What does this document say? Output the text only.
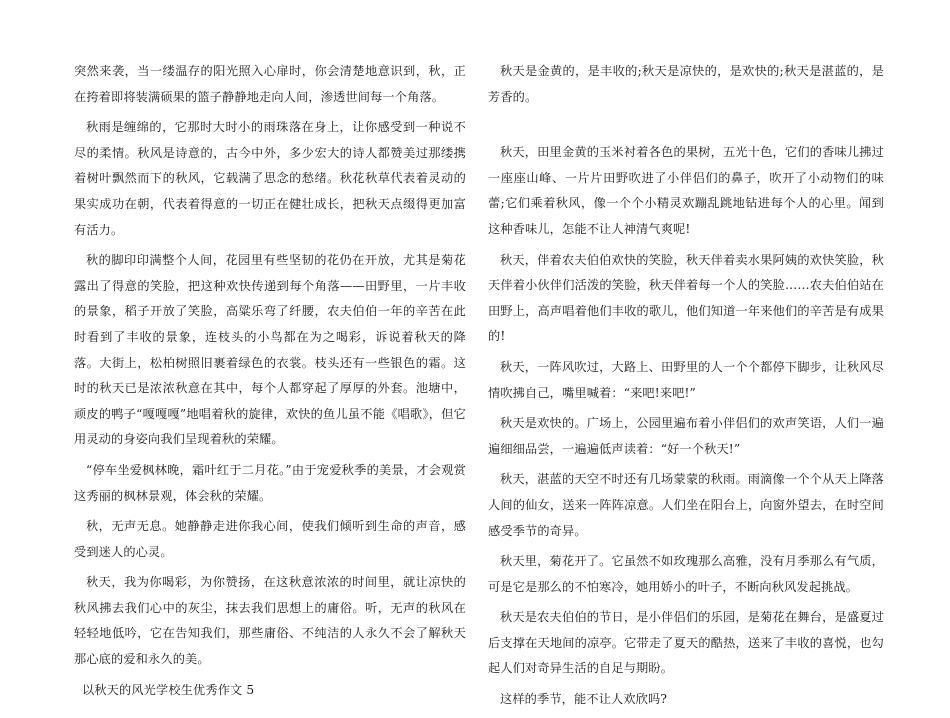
突然来袭，当一缕温存的阳光照入心扉时，你会清楚地意识到，秋，正在挎着即将装满硕果的篮子静静地走向人间，渗透世间每一个角落。

秋雨是缠绵的，它那时大时小的雨珠落在身上，让你感受到一种说不尽的柔情。秋风是诗意的，古今中外，多少宏大的诗人都赞美过那缕携着树叶飘然而下的秋风，它载满了思念的愁绪。秋花秋草代表着灵动的果实成功在朝，代表着得意的一切正在健壮成长，把秋天点缀得更加富有活力。

秋的脚印印满整个人间，花园里有些坚韧的花仍在开放，尤其是菊花露出了得意的笑脸，把这种欢快传递到每个角落——田野里，一片丰收的景象，稻子开放了笑脸，高粱乐弯了纤腰，农夫伯伯一年的辛苦在此时看到了丰收的景象，连枝头的小鸟都在为之喝彩，诉说着秋天的降落。大街上，松柏树照旧裹着绿色的衣裳。枝头还有一些银色的霜。这时的秋天已是浓浓秋意在其中，每个人都穿起了厚厚的外套。池塘中，顽皮的鸭子“嘎嘎嘎”地唱着秋的旋律，欢快的鱼儿虽不能《唱歌》，但它用灵动的身姿向我们呈现着秋的荣耀。

“停车坐爱枫林晚，霜叶红于二月花。”由于宠爱秋季的美景，才会观赏这秀丽的枫林景观，体会秋的荣耀。

秋，无声无息。她静静走进你我心间，使我们倾听到生命的声音，感受到迷人的心灵。

秋天，我为你喝彩，为你赞扬，在这秋意浓浓的时间里，就让凉快的秋风拂去我们心中的灰尘，抹去我们思想上的庸俗。听，无声的秋风在轻轻地低吟，它在告知我们，那些庸俗、不纯洁的人永久不会了解秋天那心底的爱和永久的美。

以秋天的风光学校生优秀作文 5

秋天是金黄的，是丰收的;秋天是凉快的，是欢快的;秋天是湛蓝的，是芳香的。

秋天，田里金黄的玉米衬着各色的果树，五光十色，它们的香味儿拂过一座座山峰、一片片田野吹进了小伴侣们的鼻子，吹开了小动物们的味蕾;它们乘着秋风，像一个个小精灵欢蹦乱跳地钻进每个人的心里。闻到这种香味儿，怎能不让人神清气爽呢!

秋天，伴着农夫伯伯欢快的笑脸，秋天伴着卖水果阿姨的欢快笑脸，秋天伴着小伙伴们活泼的笑脸，秋天伴着每一个人的笑脸……农夫伯伯站在田野上，高声唱着他们丰收的歌儿，他们知道一年来他们的辛苦是有成果的!

秋天，一阵风吹过，大路上、田野里的人一个个都停下脚步，让秋风尽情吹拂自己，嘴里喊着：“来吧!来吧!”

秋天是欢快的。广场上，公园里遍布着小伴侣们的欢声笑语，人们一遍遍细细品尝，一遍遍低声读着：“好一个秋天!”

秋天，湛蓝的天空不时还有几场蒙蒙的秋雨。雨滴像一个个从天上降落人间的仙女，送来一阵阵凉意。人们坐在阳台上，向窗外望去，在时空间感受季节的奇异。

秋天里，菊花开了。它虽然不如玫瑰那么高雅，没有月季那么有气质，可是它是那么的不怕寒冷，她用娇小的叶子，不断向秋风发起挑战。

秋天是农夫伯伯的节日，是小伴侣们的乐园，是菊花在舞台，是盛夏过后支撑在天地间的凉亭。它带走了夏天的酷热，送来了丰收的喜悦，也勾起人们对奇异生活的自足与期盼。

这样的季节，能不让人欢欣吗?
